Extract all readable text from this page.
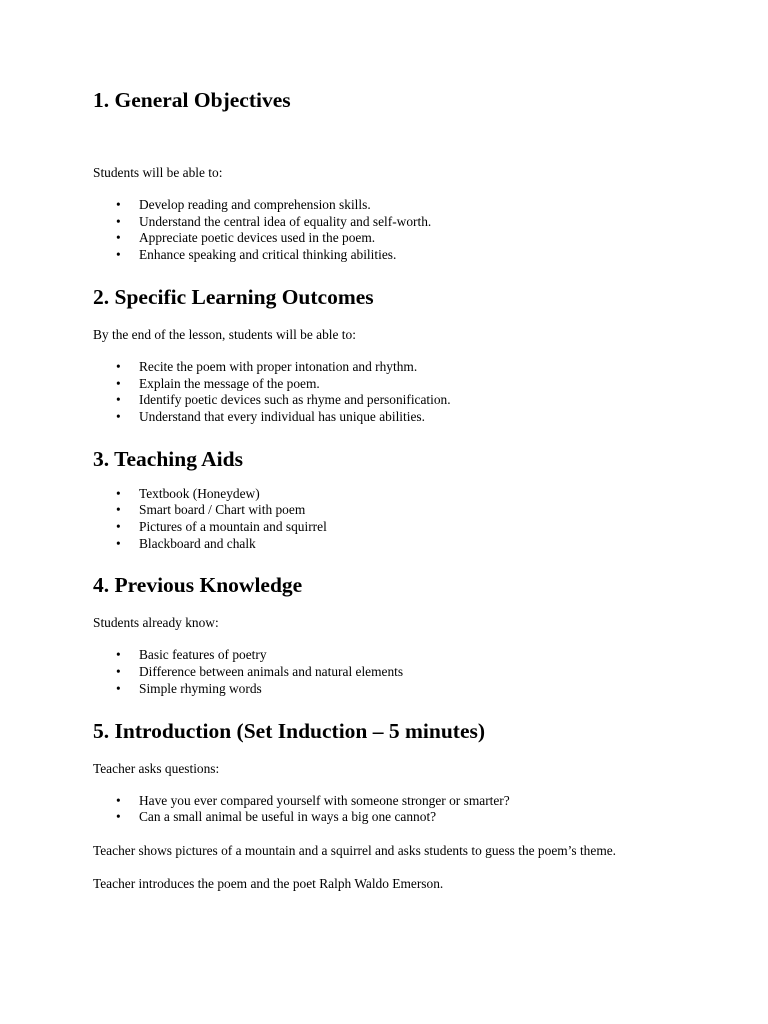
1. General Objectives

Students will be able to:

• Develop reading and comprehension skills.
• Understand the central idea of equality and self-worth.
• Appreciate poetic devices used in the poem.
• Enhance speaking and critical thinking abilities.
2. Specific Learning Outcomes

By the end of the lesson, students will be able to:

• Recite the poem with proper intonation and rhythm.
• Explain the message of the poem.
• Identify poetic devices such as rhyme and personification.
• Understand that every individual has unique abilities.
3. Teaching Aids
• Textbook (Honeydew)
• Smart board / Chart with poem
• Pictures of a mountain and squirrel
• Blackboard and chalk
4. Previous Knowledge

Students already know:

• Basic features of poetry
• Difference between animals and natural elements
• Simple rhyming words
5. Introduction (Set Induction – 5 minutes)

Teacher asks questions:

• Have you ever compared yourself with someone stronger or smarter?
• Can a small animal be useful in ways a big one cannot?

Teacher shows pictures of a mountain and a squirrel and asks students to guess the poem’s theme.

Teacher introduces the poem and the poet Ralph Waldo Emerson.
